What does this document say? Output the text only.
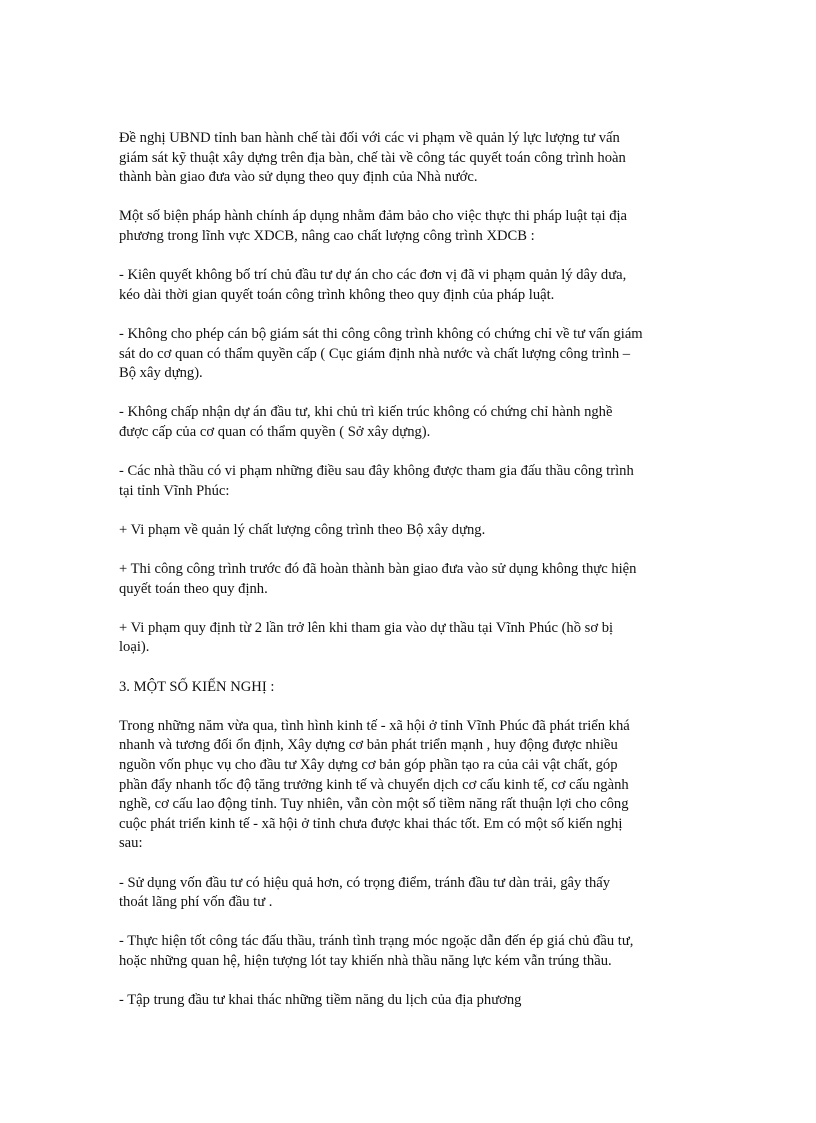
Đề nghị UBND tỉnh ban hành chế tài đối với các vi phạm về quản lý lực lượng tư vấn
giám sát kỹ thuật xây dựng trên địa bàn, chế tài về công tác quyết toán công trình hoàn
thành bàn giao đưa vào sử dụng theo quy định của Nhà nước.

Một số biện pháp hành chính áp dụng nhằm đảm bảo cho việc thực thi pháp luật tại địa
phương trong lĩnh vực XDCB, nâng cao chất lượng công trình XDCB :

- Kiên quyết không bố trí chủ đầu tư dự án cho các đơn vị đã vi phạm quản lý dây dưa,
kéo dài thời gian quyết toán công trình không theo quy định của pháp luật.

- Không cho phép cán bộ giám sát thi công công trình không có chứng chỉ về tư vấn giám
sát do cơ quan có thẩm quyền cấp ( Cục giám định nhà nước và chất lượng công trình –
Bộ xây dựng).

- Không chấp nhận dự án đầu tư, khi chủ trì kiến trúc không có chứng chỉ hành nghề
được cấp của cơ quan có thẩm quyền ( Sở xây dựng).

- Các nhà thầu có vi phạm những điều sau đây không được tham gia đấu thầu công trình
tại tỉnh Vĩnh Phúc:

+ Vi phạm về quản lý chất lượng công trình theo Bộ xây dựng.

+ Thi công công trình trước đó đã hoàn thành bàn giao đưa vào sử dụng không thực hiện
quyết toán theo quy định.

+ Vi phạm quy định từ 2 lần trở lên khi tham gia vào dự thầu tại Vĩnh Phúc (hồ sơ bị
loại).

3. MỘT SỐ KIẾN NGHỊ :

Trong những năm vừa qua, tình hình kinh tế - xã hội ở tỉnh Vĩnh Phúc đã phát triển khá
nhanh và tương đối ổn định, Xây dựng cơ bản phát triển mạnh , huy động được nhiều
nguồn vốn phục vụ cho đầu tư Xây dựng cơ bản góp phần tạo ra của cải vật chất, góp
phần đẩy nhanh tốc độ tăng trưởng kinh tế và chuyển dịch cơ cấu kinh tế, cơ cấu ngành
nghề, cơ cấu lao động tỉnh. Tuy nhiên, vẫn còn một số tiềm năng rất thuận lợi cho công
cuộc phát triển kinh tế - xã hội ở tỉnh chưa được khai thác tốt. Em có một số kiến nghị
sau:

- Sử dụng vốn đầu tư có hiệu quả hơn, có trọng điểm, tránh đầu tư dàn trải, gây thấy
thoát lãng phí vốn đầu tư .

- Thực hiện tốt công tác đấu thầu, tránh tình trạng móc ngoặc dẫn đến ép giá chủ đầu tư,
hoặc những quan hệ, hiện tượng lót tay khiến nhà thầu năng lực kém vẫn trúng thầu.

- Tập trung đầu tư khai thác những tiềm năng du lịch của địa phương
